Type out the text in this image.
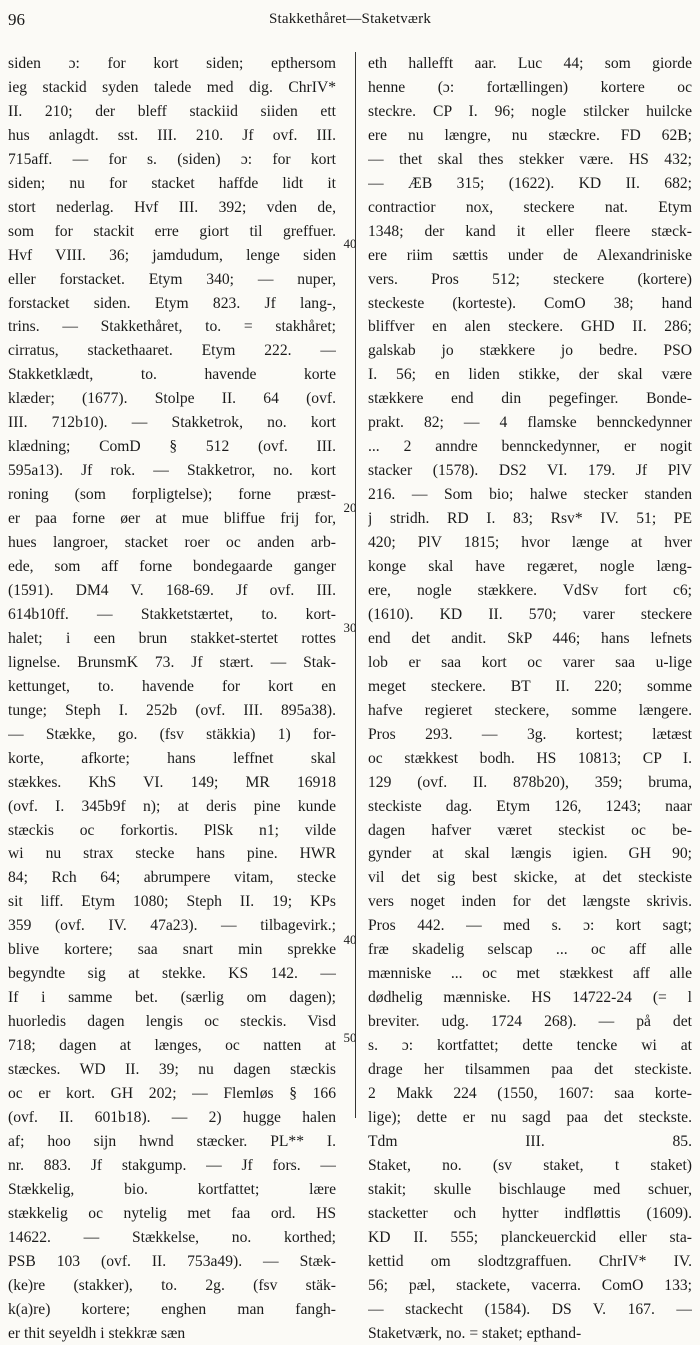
96	Stakkethåret—Staketværk
siden ɔ: for kort siden; epthersom
ieg stackid syden talede med dig. ChrIV*
II. 210; der bleff stackiid siiden ett
hus anlagdt. sst. III. 210. Jf ovf. III.
715aff. — for s. (siden) ɔ: for kort
siden; nu for stacket haffde lidt it
stort nederlag. Hvf III. 392; vden de,
som for stackit erre giort til greffuer.
Hvf VIII. 36; jamdudum, lenge siden
eller forstacket. Etym 340; — nuper,
forstacket siden. Etym 823. Jf lang-,
trins. — Stakkethåret, to. = stakhåret;
cirratus, stackethaaret. Etym 222. —
Stakketklædt, to. havende korte
klæder; (1677). Stolpe II. 64 (ovf.
III. 712b10). — Stakketrok, no. kort
klædning; ComD § 512 (ovf. III.
595a13). Jf rok. — Stakketror, no. kort
roning (som forpligtelse); forne præst-
er paa forne øer at mue bliffue frij for,
hues langroer, stacket roer oc anden arb-
ede, som aff forne bondegaarde ganger
(1591). DM4 V. 168-69. Jf ovf. III.
614b10ff. — Stakketstærtet, to. kort-
halet; i een brun stakket-stertet rottes
lignelse. BrunsmK 73. Jf stært. — Stak-
kettunget, to. havende for kort en
tunge; Steph I. 252b (ovf. III. 895a38).
— Stække, go. (fsv stäkkia) 1) for-
korte, afkorte; hans leffnet skal
stækkes. KhS VI. 149; MR 16918
(ovf. I. 345b9f n); at deris pine kunde
stæckis oc forkortis. PlSk n1; vilde
wi nu strax stecke hans pine. HWR
84; Rch 64; abrumpere vitam, stecke
sit liff. Etym 1080; Steph II. 19; KPs
359 (ovf. IV. 47a23). — tilbagevirk.;
blive kortere; saa snart min sprekke
begyndte sig at stekke. KS 142. —
If i samme bet. (særlig om dagen);
huorledis dagen lengis oc steckis. Visd
718; dagen at længes, oc natten at
stæckes. WD II. 39; nu dagen stæckis
oc er kort. GH 202; — Flemløs § 166
(ovf. II. 601b18). — 2) hugge halen
af; hoo sijn hwnd stæcker. PL** I.
nr. 883. Jf stakgump. — Jf fors. —
Stækkelig, bio. kortfattet; lære
stækkelig oc nytelig met faa ord. HS
14622. — Stækkelse, no. korthed;
PSB 103 (ovf. II. 753a49). — Stæk-
(ke)re (stakker), to. 2g. (fsv stäk-
k(a)re) kortere; enghen man fangh-
er thit seyeldh i stekkræ sæn
eth hallefft aar. Luc 44; som giorde
henne (ɔ: fortællingen) kortere oc
steckre. CP I. 96; nogle stilcker huilcke
ere nu længre, nu stæckre. FD 62B;
— thet skal thes stekker være. HS 432;
— ÆB 315; (1622). KD II. 682;
contractior nox, steckere nat. Etym
1348; der kand it eller fleere stæck-
ere riim sættis under de Alexandriniske
vers. Pros 512; steckere (kortere)
steckeste (korteste). ComO 38; hand
bliffver en alen steckere. GHD II. 286;
galskab jo stækkere jo bedre. PSO
I. 56; en liden stikke, der skal være
stækkere end din pegefinger. Bonde-
prakt. 82; — 4 flamske bennckedynner
... 2 anndre bennckedynner, er nogit
stacker (1578). DS2 VI. 179. Jf PlV
216. — Som bio; halwe stecker standen
j stridh. RD I. 83; Rsv* IV. 51; PE
420; PlV 1815; hvor længe at hver
konge skal have regæret, nogle læng-
ere, nogle stækkere. VdSv fort c6;
(1610). KD II. 570; varer steckere
end det andit. SkP 446; hans lefnets
lob er saa kort oc varer saa u-lige
meget steckere. BT II. 220; somme
hafve regieret steckere, somme længere.
Pros 293. — 3g. kortest; lætæst
oc stækkest bodh. HS 10813; CP I.
129 (ovf. II. 878b20), 359; bruma,
steckiste dag. Etym 126, 1243; naar
dagen hafver været steckist oc be-
gynder at skal længis igien. GH 90;
vil det sig best skicke, at det steckiste
vers noget inden for det længste skrivis.
Pros 442. — med s. ɔ: kort sagt;
fræ skadelig selscap ... oc aff alle
mænniske ... oc met stækkest aff alle
dødhelig mænniske. HS 14722-24 (= l
breviter. udg. 1724 268). — på det
s. ɔ: kortfattet; dette tencke wi at
drage her tilsammen paa det steckiste.
2 Makk 224 (1550, 1607: saa korte-
lige); dette er nu sagd paa det steckste.
Tdm III. 85.
Staket, no. (sv staket, t staket)
stakit; skulle bischlauge med schuer,
stacketter och hytter indfløttis (1609).
KD II. 555; planckeuerckid eller sta-
kettid om slodtzgraffuen. ChrIV* IV.
56; pæl, stackete, vacerra. ComO 133;
— stackecht (1584). DS V. 167. —
Staketværk, no. = staket; epthand-
40
20
30
40
50
